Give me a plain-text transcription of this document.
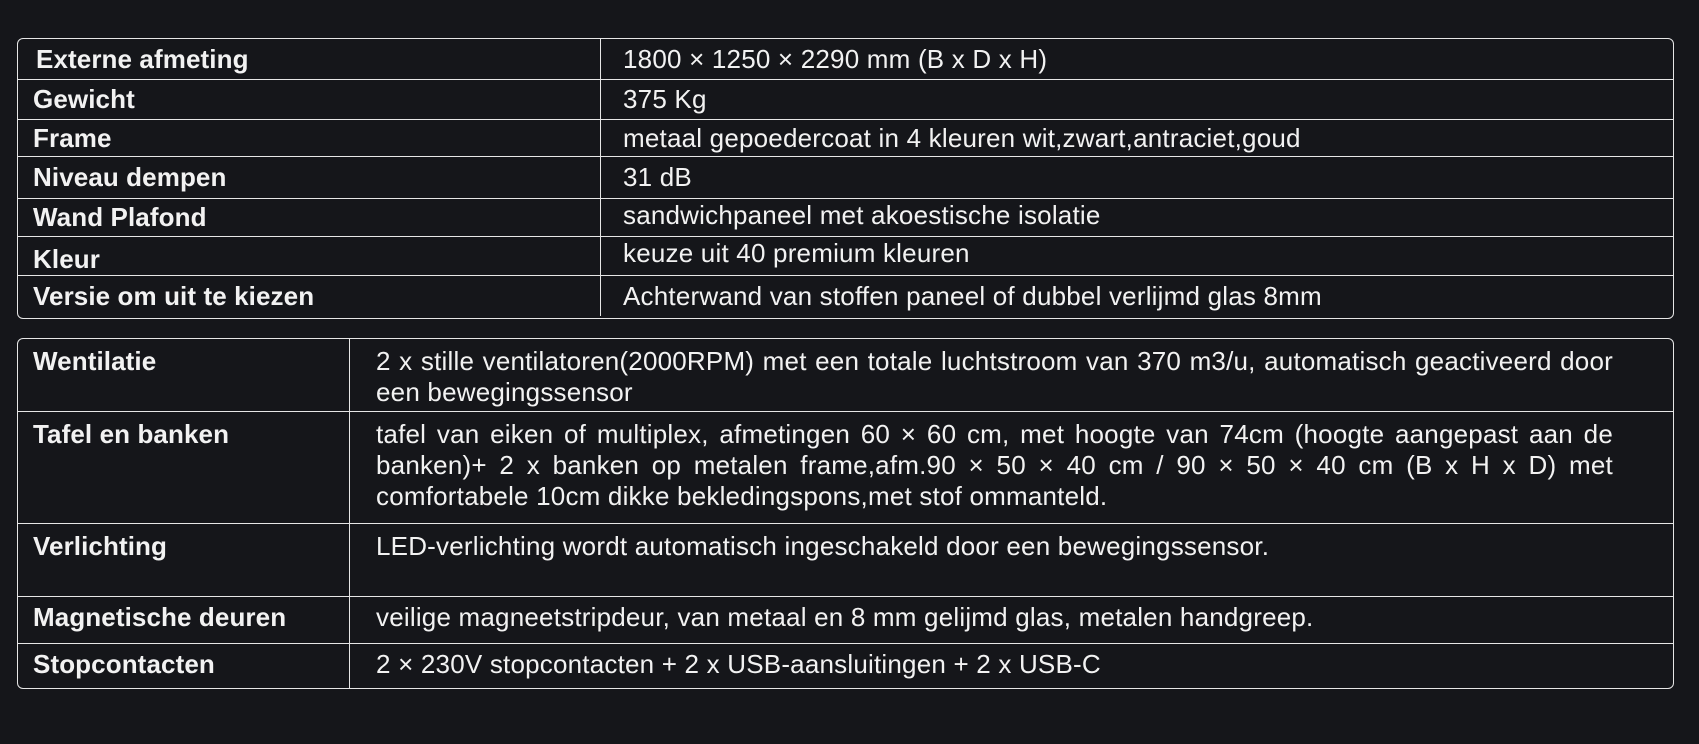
Externe afmeting	1800 × 1250 × 2290 mm (B x D x H)
Gewicht	375 Kg
Frame	metaal gepoedercoat in 4 kleuren wit,zwart,antraciet,goud
Niveau dempen	31 dB
Wand Plafond	sandwichpaneel met akoestische isolatie
Kleur	keuze uit 40 premium kleuren
Versie om uit te kiezen	Achterwand van stoffen paneel of dubbel verlijmd glas 8mm
Wentilatie	2 x stille ventilatoren(2000RPM) met een totale luchtstroom van 370 m3/u, automatisch geactiveerd door een bewegingssensor
Tafel en banken	tafel van eiken of multiplex, afmetingen 60 × 60 cm, met hoogte van 74cm (hoogte aangepast aan de banken)+ 2 x banken op metalen frame,afm.90 × 50 × 40 cm / 90 × 50 × 40 cm (B x H x D) met comfortabele 10cm dikke bekledingspons,met stof ommanteld.
Verlichting	LED-verlichting wordt automatisch ingeschakeld door een bewegingssensor.
Magnetische deuren	veilige magneetstripdeur, van metaal en 8 mm gelijmd glas, metalen handgreep.
Stopcontacten	2 × 230V stopcontacten + 2 x USB-aansluitingen + 2 x USB-C
